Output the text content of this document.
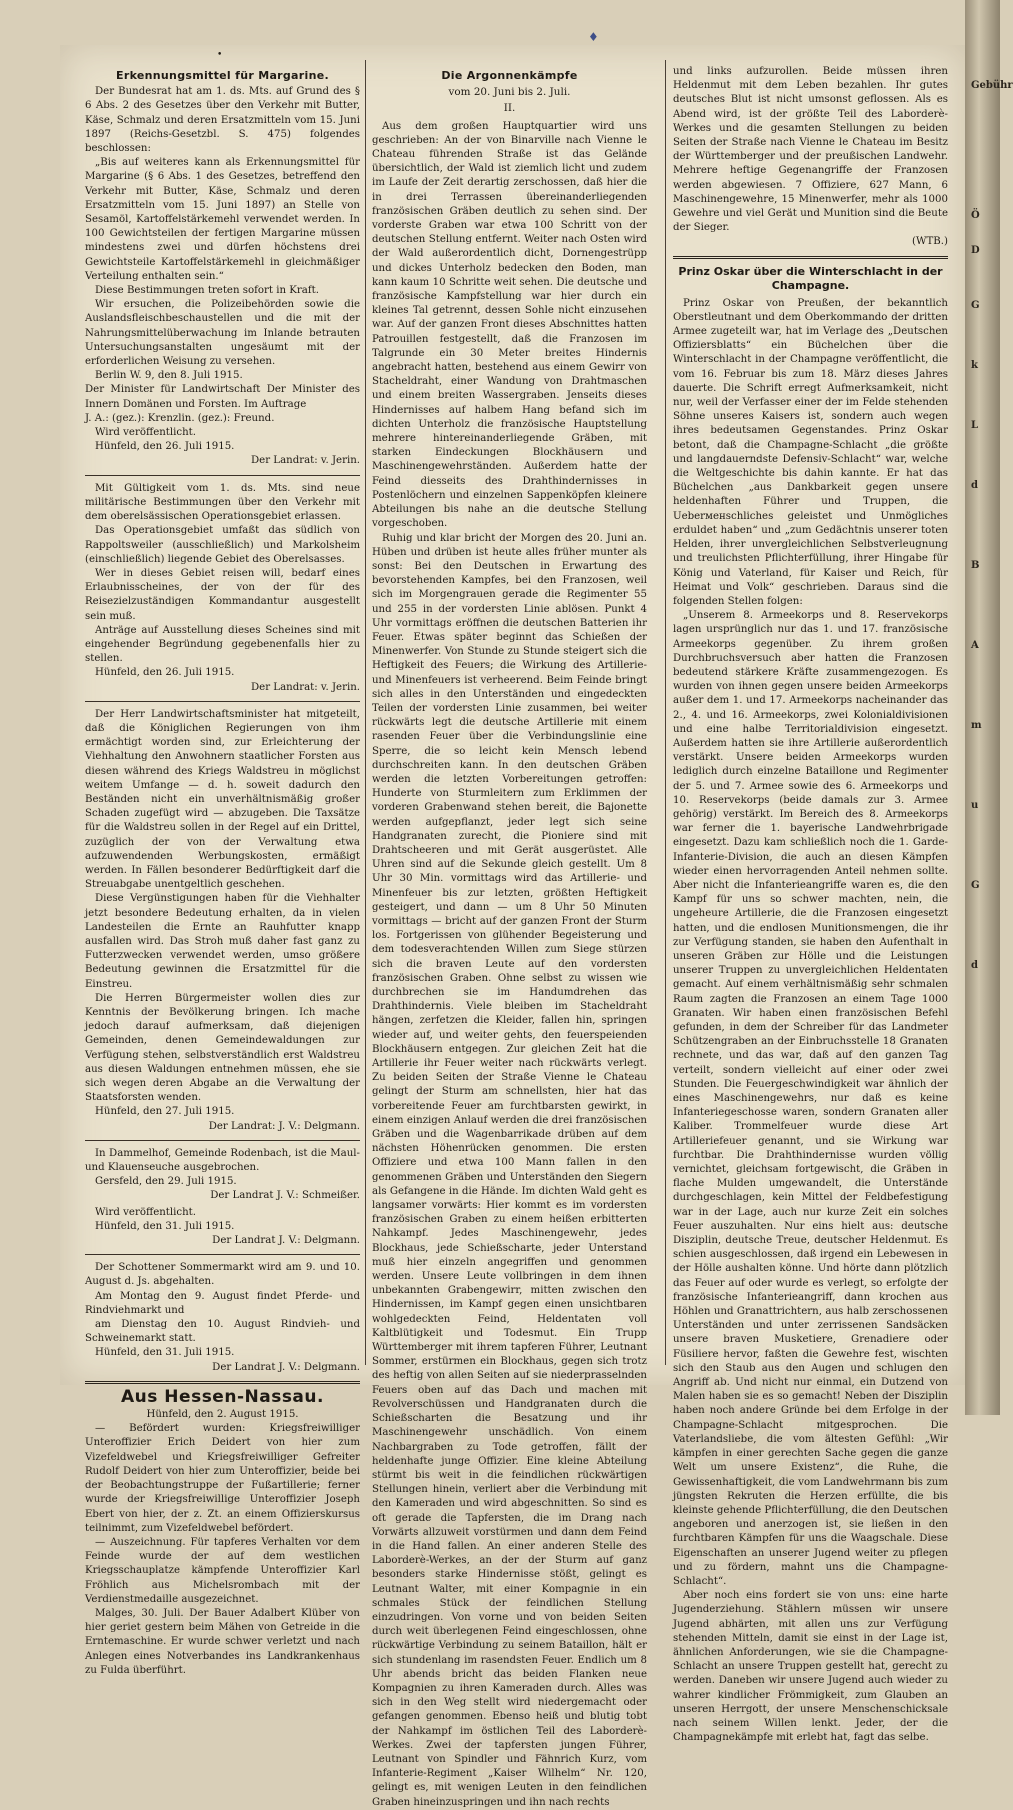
Gebühr
Ö
D
G
k
L
d
B
A
m
u
G
d
♦
•
Erkennungsmittel für Margarine.

Der Bundesrat hat am 1. ds. Mts. auf Grund des § 6 Abs. 2 des Gesetzes über den Verkehr mit Butter, Käse, Schmalz und deren Ersatzmitteln vom 15. Juni 1897 (Reichs-Gesetzbl. S. 475) folgendes beschlossen:

„Bis auf weiteres kann als Erkennungsmittel für Margarine (§ 6 Abs. 1 des Gesetzes, betreffend den Verkehr mit Butter, Käse, Schmalz und deren Ersatzmitteln vom 15. Juni 1897) an Stelle von Sesamöl, Kartoffelstärkemehl verwendet werden. In 100 Gewichtsteilen der fertigen Margarine müssen mindestens zwei und dürfen höchstens drei Gewichtsteile Kartoffelstärkemehl in gleichmäßiger Verteilung enthalten sein.“

Diese Bestimmungen treten sofort in Kraft.

Wir ersuchen, die Polizeibehörden sowie die Auslandsfleischbeschaustellen und die mit der Nahrungsmittelüberwachung im Inlande betrauten Untersuchungsanstalten ungesäumt mit der erforderlichen Weisung zu versehen.

Berlin W. 9, den 8. Juli 1915.

Der Minister für Landwirtschaft Der Minister des Innern Domänen und Forsten. Im Auftrage

J. A.: (gez.): Krenzlin. (gez.): Freund.

Wird veröffentlicht.

Hünfeld, den 26. Juli 1915.

Der Landrat: v. Jerin.

Mit Gültigkeit vom 1. ds. Mts. sind neue militärische Bestimmungen über den Verkehr mit dem oberelsässischen Operationsgebiet erlassen.

Das Operationsgebiet umfaßt das südlich von Rappoltsweiler (ausschließlich) und Markolsheim (einschließlich) liegende Gebiet des Oberelsasses.

Wer in dieses Gebiet reisen will, bedarf eines Erlaubnisscheines, der von der für des Reisezielzuständigen Kommandantur ausgestellt sein muß.

Anträge auf Ausstellung dieses Scheines sind mit eingehender Begründung gegebenenfalls hier zu stellen.

Hünfeld, den 26. Juli 1915.

Der Landrat: v. Jerin.

Der Herr Landwirtschaftsminister hat mitgeteilt, daß die Königlichen Regierungen von ihm ermächtigt worden sind, zur Erleichterung der Viehhaltung den Anwohnern staatlicher Forsten aus diesen während des Kriegs Waldstreu in möglichst weitem Umfange — d. h. soweit dadurch den Beständen nicht ein unverhältnismäßig großer Schaden zugefügt wird — abzugeben. Die Taxsätze für die Waldstreu sollen in der Regel auf ein Drittel, zuzüglich der von der Verwaltung etwa aufzuwendenden Werbungskosten, ermäßigt werden. In Fällen besonderer Bedürftigkeit darf die Streuabgabe unentgeltlich geschehen.

Diese Vergünstigungen haben für die Viehhalter jetzt besondere Bedeutung erhalten, da in vielen Landesteilen die Ernte an Rauhfutter knapp ausfallen wird. Das Stroh muß daher fast ganz zu Futterzwecken verwendet werden, umso größere Bedeutung gewinnen die Ersatzmittel für die Einstreu.

Die Herren Bürgermeister wollen dies zur Kenntnis der Bevölkerung bringen. Ich mache jedoch darauf aufmerksam, daß diejenigen Gemeinden, denen Gemeindewaldungen zur Verfügung stehen, selbstverständlich erst Waldstreu aus diesen Waldungen entnehmen müssen, ehe sie sich wegen deren Abgabe an die Verwaltung der Staatsforsten wenden.

Hünfeld, den 27. Juli 1915.

Der Landrat: J. V.: Delgmann.

In Dammelhof, Gemeinde Rodenbach, ist die Maul- und Klauenseuche ausgebrochen.

Gersfeld, den 29. Juli 1915.

Der Landrat J. V.: Schmeißer.

Wird veröffentlicht.

Hünfeld, den 31. Juli 1915.

Der Landrat J. V.: Delgmann.

Der Schottener Sommermarkt wird am 9. und 10. August d. Js. abgehalten.

Am Montag den 9. August findet Pferde- und Rindviehmarkt und

am Dienstag den 10. August Rindvieh- und Schweinemarkt statt.

Hünfeld, den 31. Juli 1915.

Der Landrat J. V.: Delgmann.
Aus Hessen-Nassau.

Hünfeld, den 2. August 1915.

— Befördert wurden: Kriegsfreiwilliger Unteroffizier Erich Deidert von hier zum Vizefeldwebel und Kriegsfreiwilliger Gefreiter Rudolf Deidert von hier zum Unteroffizier, beide bei der Beobachtungstruppe der Fußartillerie; ferner wurde der Kriegsfreiwillige Unteroffizier Joseph Ebert von hier, der z. Zt. an einem Offizierskursus teilnimmt, zum Vizefeldwebel befördert.

— Auszeichnung. Für tapferes Verhalten vor dem Feinde wurde der auf dem westlichen Kriegsschauplatze kämpfende Unteroffizier Karl Fröhlich aus Michelsrombach mit der Verdienstmedaille ausgezeichnet.

Malges, 30. Juli. Der Bauer Adalbert Klüber von hier geriet gestern beim Mähen von Getreide in die Erntemaschine. Er wurde schwer verletzt und nach Anlegen eines Notverbandes ins Landkrankenhaus zu Fulda überführt.

Die Argonnenkämpfe
vom 20. Juni bis 2. Juli.
II.

Aus dem großen Hauptquartier wird uns geschrieben: An der von Binarville nach Vienne le Chateau führenden Straße ist das Gelände übersichtlich, der Wald ist ziemlich licht und zudem im Laufe der Zeit derartig zerschossen, daß hier die in drei Terrassen übereinanderliegenden französischen Gräben deutlich zu sehen sind. Der vorderste Graben war etwa 100 Schritt von der deutschen Stellung entfernt. Weiter nach Osten wird der Wald außerordentlich dicht, Dornengestrüpp und dickes Unterholz bedecken den Boden, man kann kaum 10 Schritte weit sehen. Die deutsche und französische Kampfstellung war hier durch ein kleines Tal getrennt, dessen Sohle nicht einzusehen war. Auf der ganzen Front dieses Abschnittes hatten Patrouillen festgestellt, daß die Franzosen im Talgrunde ein 30 Meter breites Hindernis angebracht hatten, bestehend aus einem Gewirr von Stacheldraht, einer Wandung von Drahtmaschen und einem breiten Wassergraben. Jenseits dieses Hindernisses auf halbem Hang befand sich im dichten Unterholz die französische Hauptstellung mehrere hintereinanderliegende Gräben, mit starken Eindeckungen Blockhäusern und Maschinengewehrständen. Außerdem hatte der Feind diesseits des Drahthindernisses in Postenlöchern und einzelnen Sappenköpfen kleinere Abteilungen bis nahe an die deutsche Stellung vorgeschoben.

Ruhig und klar bricht der Morgen des 20. Juni an. Hüben und drüben ist heute alles früher munter als sonst: Bei den Deutschen in Erwartung des bevorstehenden Kampfes, bei den Franzosen, weil sich im Morgengrauen gerade die Regimenter 55 und 255 in der vordersten Linie ablösen. Punkt 4 Uhr vormittags eröffnen die deutschen Batterien ihr Feuer. Etwas später beginnt das Schießen der Minenwerfer. Von Stunde zu Stunde steigert sich die Heftigkeit des Feuers; die Wirkung des Artillerie- und Minenfeuers ist verheerend. Beim Feinde bringt sich alles in den Unterständen und eingedeckten Teilen der vordersten Linie zusammen, bei weiter rückwärts legt die deutsche Artillerie mit einem rasenden Feuer über die Verbindungslinie eine Sperre, die so leicht kein Mensch lebend durchschreiten kann. In den deutschen Gräben werden die letzten Vorbereitungen getroffen: Hunderte von Sturmleitern zum Erklimmen der vorderen Grabenwand stehen bereit, die Bajonette werden aufgepflanzt, jeder legt sich seine Handgranaten zurecht, die Pioniere sind mit Drahtscheeren und mit Gerät ausgerüstet. Alle Uhren sind auf die Sekunde gleich gestellt. Um 8 Uhr 30 Min. vormittags wird das Artillerie- und Minenfeuer bis zur letzten, größten Heftigkeit gesteigert, und dann — um 8 Uhr 50 Minuten vormittags — bricht auf der ganzen Front der Sturm los. Fortgerissen von glühender Begeisterung und dem todesverachtenden Willen zum Siege stürzen sich die braven Leute auf den vordersten französischen Graben. Ohne selbst zu wissen wie durchbrechen sie im Handumdrehen das Drahthindernis. Viele bleiben im Stacheldraht hängen, zerfetzen die Kleider, fallen hin, springen wieder auf, und weiter gehts, den feuerspeienden Blockhäusern entgegen. Zur gleichen Zeit hat die Artillerie ihr Feuer weiter nach rückwärts verlegt. Zu beiden Seiten der Straße Vienne le Chateau gelingt der Sturm am schnellsten, hier hat das vorbereitende Feuer am furchtbarsten gewirkt, in einem einzigen Anlauf werden die drei französischen Gräben und die Wagenbarrikade drüben auf dem nächsten Höhenrücken genommen. Die ersten Offiziere und etwa 100 Mann fallen in den genommenen Gräben und Unterständen den Siegern als Gefangene in die Hände. Im dichten Wald geht es langsamer vorwärts: Hier kommt es im vordersten französischen Graben zu einem heißen erbitterten Nahkampf. Jedes Maschinengewehr, jedes Blockhaus, jede Schießscharte, jeder Unterstand muß hier einzeln angegriffen und genommen werden. Unsere Leute vollbringen in dem ihnen unbekannten Grabengewirr, mitten zwischen den Hindernissen, im Kampf gegen einen unsichtbaren wohlgedeckten Feind, Heldentaten voll Kaltblütigkeit und Todesmut. Ein Trupp Württemberger mit ihrem tapferen Führer, Leutnant Sommer, erstürmen ein Blockhaus, gegen sich trotz des heftig von allen Seiten auf sie niederprasselnden Feuers oben auf das Dach und machen mit Revolverschüssen und Handgranaten durch die Schießscharten die Besatzung und ihr Maschinengewehr unschädlich. Von einem Nachbargraben zu Tode getroffen, fällt der heldenhafte junge Offizier. Eine kleine Abteilung stürmt bis weit in die feindlichen rückwärtigen Stellungen hinein, verliert aber die Verbindung mit den Kameraden und wird abgeschnitten. So sind es oft gerade die Tapfersten, die im Drang nach Vorwärts allzuweit vorstürmen und dann dem Feind in die Hand fallen. An einer anderen Stelle des Laborderè-Werkes, an der der Sturm auf ganz besonders starke Hindernisse stößt, gelingt es Leutnant Walter, mit einer Kompagnie in ein schmales Stück der feindlichen Stellung einzudringen. Von vorne und von beiden Seiten durch weit überlegenen Feind eingeschlossen, ohne rückwärtige Verbindung zu seinem Bataillon, hält er sich stundenlang im rasendsten Feuer. Endlich um 8 Uhr abends bricht das beiden Flanken neue Kompagnien zu ihren Kameraden durch. Alles was sich in den Weg stellt wird niedergemacht oder gefangen genommen. Ebenso heiß und blutig tobt der Nahkampf im östlichen Teil des Laborderè-Werkes. Zwei der tapfersten jungen Führer, Leutnant von Spindler und Fähnrich Kurz, vom Infanterie-Regiment „Kaiser Wilhelm“ Nr. 120, gelingt es, mit wenigen Leuten in den feindlichen Graben hineinzuspringen und ihn nach rechts

und links aufzurollen. Beide müssen ihren Heldenmut mit dem Leben bezahlen. Ihr gutes deutsches Blut ist nicht umsonst geflossen. Als es Abend wird, ist der größte Teil des Laborderè-Werkes und die gesamten Stellungen zu beiden Seiten der Straße nach Vienne le Chateau im Besitz der Württemberger und der preußischen Landwehr. Mehrere heftige Gegenangriffe der Franzosen werden abgewiesen. 7 Offiziere, 627 Mann, 6 Maschinengewehre, 15 Minenwerfer, mehr als 1000 Gewehre und viel Gerät und Munition sind die Beute der Sieger.

(WTB.)
Prinz Oskar über die Winterschlacht in der Champagne.

Prinz Oskar von Preußen, der bekanntlich Oberstleutnant und dem Oberkommando der dritten Armee zugeteilt war, hat im Verlage des „Deutschen Offiziersblatts“ ein Büchelchen über die Winterschlacht in der Champagne veröffentlicht, die vom 16. Februar bis zum 18. März dieses Jahres dauerte. Die Schrift erregt Aufmerksamkeit, nicht nur, weil der Verfasser einer der im Felde stehenden Söhne unseres Kaisers ist, sondern auch wegen ihres bedeutsamen Gegenstandes. Prinz Oskar betont, daß die Champagne-Schlacht „die größte und langdauerndste Defensiv-Schlacht“ war, welche die Weltgeschichte bis dahin kannte. Er hat das Büchelchen „aus Dankbarkeit gegen unsere heldenhaften Führer und Truppen, die Ueberменschliches geleistet und Unmögliches erduldet haben“ und „zum Gedächtnis unserer toten Helden, ihrer unvergleichlichen Selbstverleugnung und treulichsten Pflichterfüllung, ihrer Hingabe für König und Vaterland, für Kaiser und Reich, für Heimat und Volk“ geschrieben. Daraus sind die folgenden Stellen folgen:

„Unserem 8. Armeekorps und 8. Reservekorps lagen ursprünglich nur das 1. und 17. französische Armeekorps gegenüber. Zu ihrem großen Durchbruchsversuch aber hatten die Franzosen bedeutend stärkere Kräfte zusammengezogen. Es wurden von ihnen gegen unsere beiden Armeekorps außer dem 1. und 17. Armeekorps nacheinander das 2., 4. und 16. Armeekorps, zwei Kolonialdivisionen und eine halbe Territorialdivision eingesetzt. Außerdem hatten sie ihre Artillerie außerordentlich verstärkt. Unsere beiden Armeekorps wurden lediglich durch einzelne Bataillone und Regimenter der 5. und 7. Armee sowie des 6. Armeekorps und 10. Reservekorps (beide damals zur 3. Armee gehörig) verstärkt. Im Bereich des 8. Armeekorps war ferner die 1. bayerische Landwehrbrigade eingesetzt. Dazu kam schließlich noch die 1. Garde-Infanterie-Division, die auch an diesen Kämpfen wieder einen hervorragenden Anteil nehmen sollte. Aber nicht die Infanterieangriffe waren es, die den Kampf für uns so schwer machten, nein, die ungeheure Artillerie, die die Franzosen eingesetzt hatten, und die endlosen Munitionsmengen, die ihr zur Verfügung standen, sie haben den Aufenthalt in unseren Gräben zur Hölle und die Leistungen unserer Truppen zu unvergleichlichen Heldentaten gemacht. Auf einem verhältnismäßig sehr schmalen Raum zagten die Franzosen an einem Tage 1000 Granaten. Wir haben einen französischen Befehl gefunden, in dem der Schreiber für das Landmeter Schützengraben an der Einbruchsstelle 18 Granaten rechnete, und das war, daß auf den ganzen Tag verteilt, sondern vielleicht auf einer oder zwei Stunden. Die Feuergeschwindigkeit war ähnlich der eines Maschinengewehrs, nur daß es keine Infanteriegeschosse waren, sondern Granaten aller Kaliber. Trommelfeuer wurde diese Art Artilleriefeuer genannt, und sie Wirkung war furchtbar. Die Drahthindernisse wurden völlig vernichtet, gleichsam fortgewischt, die Gräben in flache Mulden umgewandelt, die Unterstände durchgeschlagen, kein Mittel der Feldbefestigung war in der Lage, auch nur kurze Zeit ein solches Feuer auszuhalten. Nur eins hielt aus: deutsche Disziplin, deutsche Treue, deutscher Heldenmut. Es schien ausgeschlossen, daß irgend ein Lebewesen in der Hölle aushalten könne. Und hörte dann plötzlich das Feuer auf oder wurde es verlegt, so erfolgte der französische Infanterieangriff, dann krochen aus Höhlen und Granattrichtern, aus halb zerschossenen Unterständen und unter zerrissenen Sandsäcken unsere braven Musketiere, Grenadiere oder Füsiliere hervor, faßten die Gewehre fest, wischten sich den Staub aus den Augen und schlugen den Angriff ab. Und nicht nur einmal, ein Dutzend von Malen haben sie es so gemacht! Neben der Disziplin haben noch andere Gründe bei dem Erfolge in der Champagne-Schlacht mitgesprochen. Die Vaterlandsliebe, die vom ältesten Gefühl: „Wir kämpfen in einer gerechten Sache gegen die ganze Welt um unsere Existenz“, die Ruhe, die Gewissenhaftigkeit, die vom Landwehrmann bis zum jüngsten Rekruten die Herzen erfüllte, die bis kleinste gehende Pflichterfüllung, die den Deutschen angeboren und anerzogen ist, sie ließen in den furchtbaren Kämpfen für uns die Waagschale. Diese Eigenschaften an unserer Jugend weiter zu pflegen und zu fördern, mahnt uns die Champagne-Schlacht“.

Aber noch eins fordert sie von uns: eine harte Jugenderziehung. Stählern müssen wir unsere Jugend abhärten, mit allen uns zur Verfügung stehenden Mitteln, damit sie einst in der Lage ist, ähnlichen Anforderungen, wie sie die Champagne-Schlacht an unsere Truppen gestellt hat, gerecht zu werden. Daneben wir unsere Jugend auch wieder zu wahrer kindlicher Frömmigkeit, zum Glauben an unseren Herrgott, der unsere Menschenschicksale nach seinem Willen lenkt. Jeder, der die Champagnekämpfe mit erlebt hat, fagt das selbe.
